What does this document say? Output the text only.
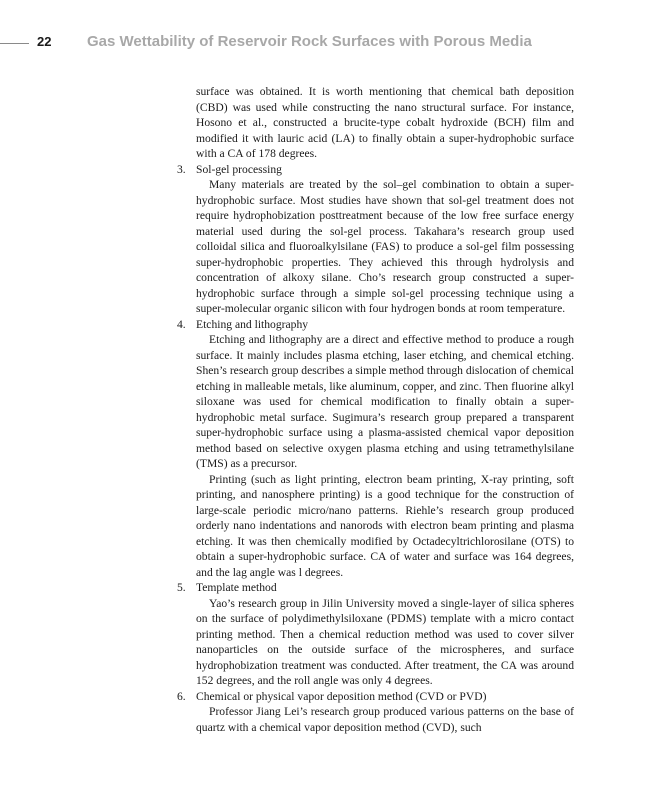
22 Gas Wettability of Reservoir Rock Surfaces with Porous Media

surface was obtained. It is worth mentioning that chemical bath deposition (CBD) was used while constructing the nano structural surface. For instance, Hosono et al., constructed a brucite-type cobalt hydroxide (BCH) film and modified it with lauric acid (LA) to finally obtain a super-hydrophobic surface with a CA of 178 degrees.

3. Sol-gel processing

Many materials are treated by the sol–gel combination to obtain a super-hydrophobic surface. Most studies have shown that sol-gel treatment does not require hydrophobization posttreatment because of the low free surface energy material used during the sol-gel process. Takahara’s research group used colloidal silica and fluoroalkylsilane (FAS) to produce a sol-gel film possessing super-hydrophobic properties. They achieved this through hydrolysis and concentration of alkoxy silane. Cho’s research group constructed a super-hydrophobic surface through a simple sol-gel processing technique using a super-molecular organic silicon with four hydrogen bonds at room temperature.

4. Etching and lithography

Etching and lithography are a direct and effective method to produce a rough surface. It mainly includes plasma etching, laser etching, and chemical etching. Shen’s research group describes a simple method through dislocation of chemical etching in malleable metals, like aluminum, copper, and zinc. Then fluorine alkyl siloxane was used for chemical modification to finally obtain a super-hydrophobic metal surface. Sugimura’s research group prepared a transparent super-hydrophobic surface using a plasma-assisted chemical vapor deposition method based on selective oxygen plasma etching and using tetramethylsilane (TMS) as a precursor.

Printing (such as light printing, electron beam printing, X-ray printing, soft printing, and nanosphere printing) is a good technique for the construction of large-scale periodic micro/nano patterns. Riehle’s research group produced orderly nano indentations and nanorods with electron beam printing and plasma etching. It was then chemically modified by Octadecyltrichlorosilane (OTS) to obtain a super-hydrophobic surface. CA of water and surface was 164 degrees, and the lag angle was l degrees.

5. Template method

Yao’s research group in Jilin University moved a single-layer of silica spheres on the surface of polydimethylsiloxane (PDMS) template with a micro contact printing method. Then a chemical reduction method was used to cover silver nanoparticles on the outside surface of the microspheres, and surface hydrophobization treatment was conducted. After treatment, the CA was around 152 degrees, and the roll angle was only 4 degrees.

6. Chemical or physical vapor deposition method (CVD or PVD)

Professor Jiang Lei’s research group produced various patterns on the base of quartz with a chemical vapor deposition method (CVD), such
